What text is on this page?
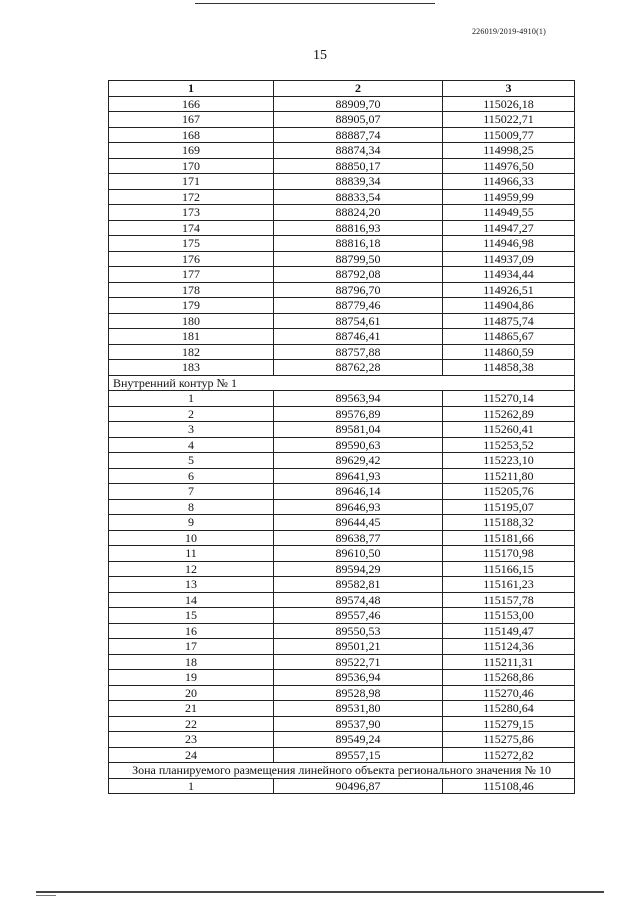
226019/2019-4910(1)
15
1	2	3
166	88909,70	115026,18
167	88905,07	115022,71
168	88887,74	115009,77
169	88874,34	114998,25
170	88850,17	114976,50
171	88839,34	114966,33
172	88833,54	114959,99
173	88824,20	114949,55
174	88816,93	114947,27
175	88816,18	114946,98
176	88799,50	114937,09
177	88792,08	114934,44
178	88796,70	114926,51
179	88779,46	114904,86
180	88754,61	114875,74
181	88746,41	114865,67
182	88757,88	114860,59
183	88762,28	114858,38
Внутренний контур № 1		
1	89563,94	115270,14
2	89576,89	115262,89
3	89581,04	115260,41
4	89590,63	115253,52
5	89629,42	115223,10
6	89641,93	115211,80
7	89646,14	115205,76
8	89646,93	115195,07
9	89644,45	115188,32
10	89638,77	115181,66
11	89610,50	115170,98
12	89594,29	115166,15
13	89582,81	115161,23
14	89574,48	115157,78
15	89557,46	115153,00
16	89550,53	115149,47
17	89501,21	115124,36
18	89522,71	115211,31
19	89536,94	115268,86
20	89528,98	115270,46
21	89531,80	115280,64
22	89537,90	115279,15
23	89549,24	115275,86
24	89557,15	115272,82
Зона планируемого размещения линейного объекта регионального значения № 10		
1	90496,87	115108,46
